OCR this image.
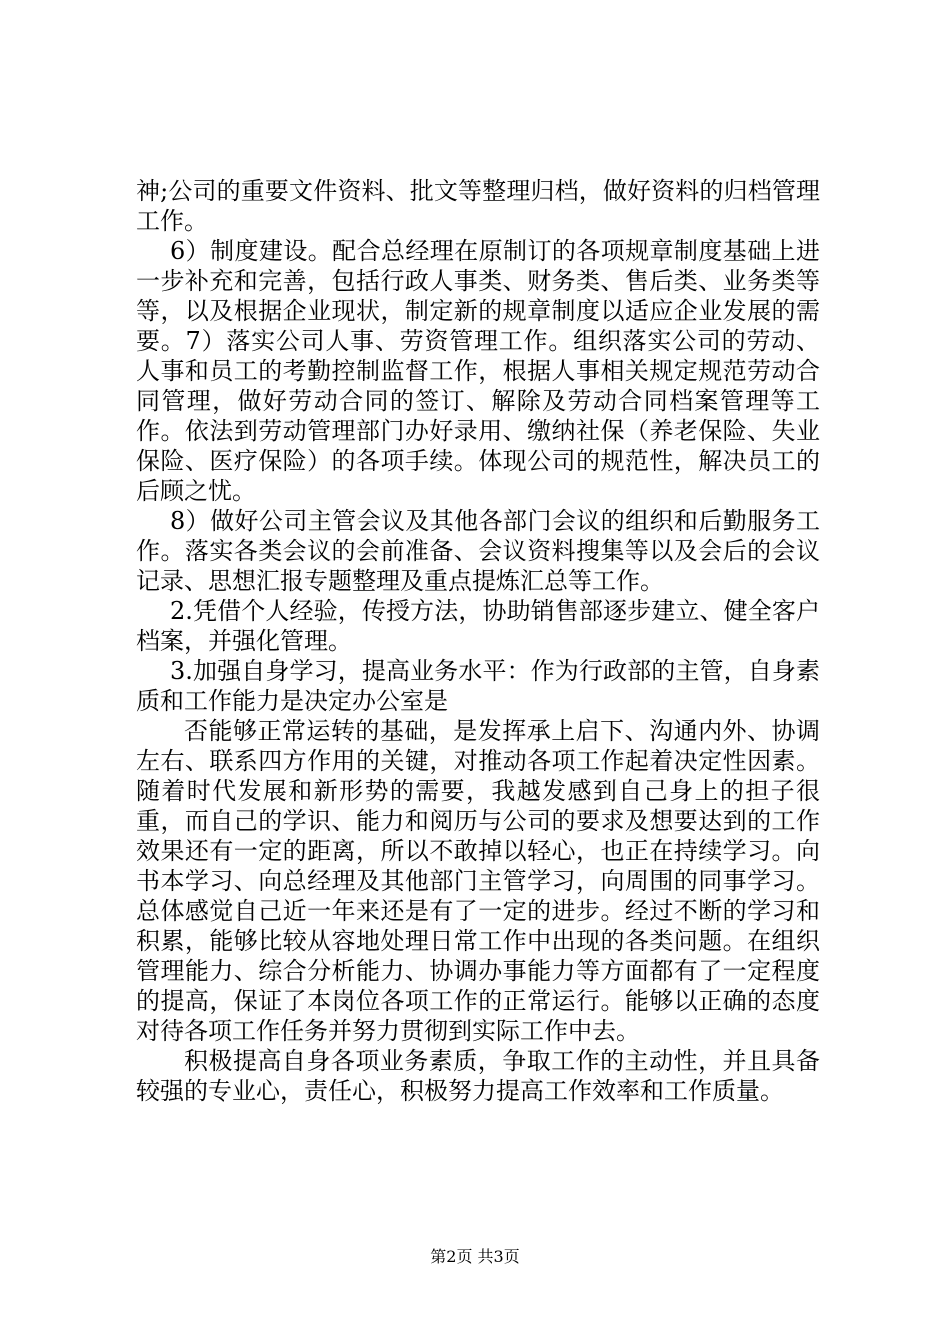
神;公司的重要文件资料、批文等整理归档，做好资料的归档管理工作。

6）制度建设。配合总经理在原制订的各项规章制度基础上进一步补充和完善，包括行政人事类、财务类、售后类、业务类等等，以及根据企业现状，制定新的规章制度以适应企业发展的需要。7）落实公司人事、劳资管理工作。组织落实公司的劳动、人事和员工的考勤控制监督工作，根据人事相关规定规范劳动合同管理，做好劳动合同的签订、解除及劳动合同档案管理等工作。依法到劳动管理部门办好录用、缴纳社保（养老保险、失业保险、医疗保险）的各项手续。体现公司的规范性，解决员工的后顾之忧。

8）做好公司主管会议及其他各部门会议的组织和后勤服务工作。落实各类会议的会前准备、会议资料搜集等以及会后的会议记录、思想汇报专题整理及重点提炼汇总等工作。

2.凭借个人经验，传授方法，协助销售部逐步建立、健全客户档案，并强化管理。

3.加强自身学习，提高业务水平：作为行政部的主管，自身素质和工作能力是决定办公室是

否能够正常运转的基础，是发挥承上启下、沟通内外、协调左右、联系四方作用的关键，对推动各项工作起着决定性因素。随着时代发展和新形势的需要，我越发感到自己身上的担子很重，而自己的学识、能力和阅历与公司的要求及想要达到的工作效果还有一定的距离，所以不敢掉以轻心，也正在持续学习。向书本学习、向总经理及其他部门主管学习，向周围的同事学习。总体感觉自己近一年来还是有了一定的进步。经过不断的学习和积累，能够比较从容地处理日常工作中出现的各类问题。在组织管理能力、综合分析能力、协调办事能力等方面都有了一定程度的提高，保证了本岗位各项工作的正常运行。能够以正确的态度对待各项工作任务并努力贯彻到实际工作中去。

积极提高自身各项业务素质，争取工作的主动性，并且具备较强的专业心，责任心，积极努力提高工作效率和工作质量。

第2页 共3页
